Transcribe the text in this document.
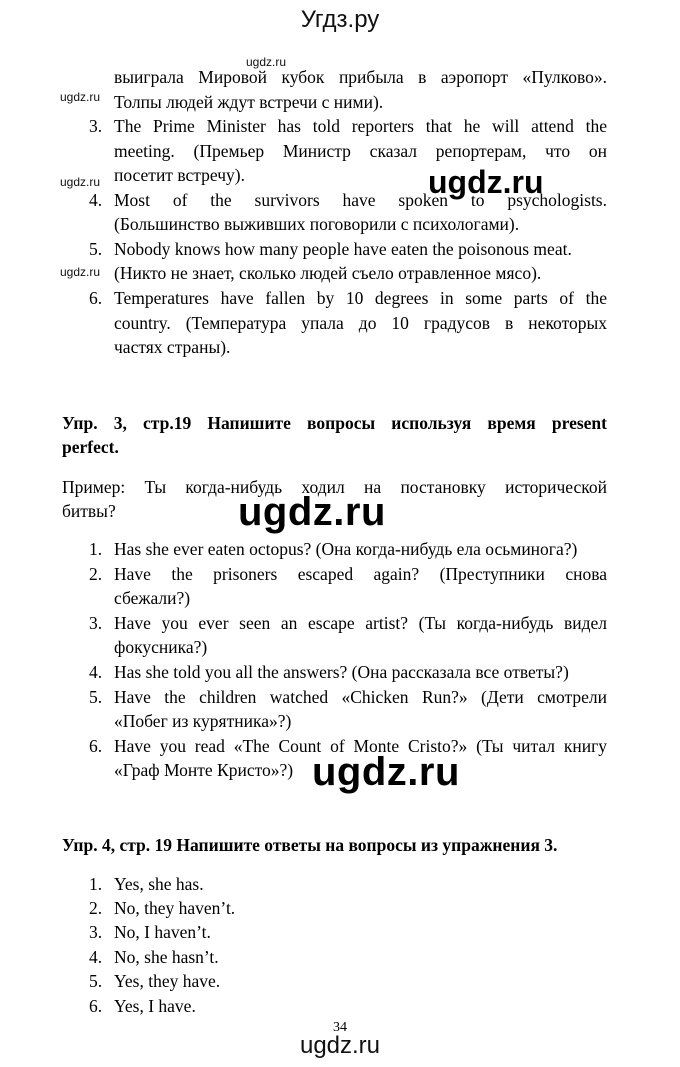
Угдз.ру
ugdz.ru
ugdz.ru
ugdz.ru
ugdz.ru
ugdz.ru
ugdz.ru
ugdz.ru
выиграла Мировой кубок прибыла в аэропорт «Пулково».
Толпы людей ждут встречи с ними).
3. The Prime Minister has told reporters that he will attend the
meeting. (Премьер Министр сказал репортерам, что он
посетит встречу).
4. Most of the survivors have spoken to psychologists.
(Большинство выживших поговорили с психологами).
5. Nobody knows how many people have eaten the poisonous meat.
(Никто не знает, сколько людей съело отравленное мясо).
6. Temperatures have fallen by 10 degrees in some parts of the
country. (Температура упала до 10 градусов в некоторых
частях страны).
Упр. 3, стр.19 Напишите вопросы используя время present
perfect.
Пример: Ты когда-нибудь ходил на постановку исторической
битвы?
1. Has she ever eaten octopus? (Она когда-нибудь ела осьминога?)
2. Have the prisoners escaped again? (Преступники снова
сбежали?)
3. Have you ever seen an escape artist? (Ты когда-нибудь видел
фокусника?)
4. Has she told you all the answers? (Она рассказала все ответы?)
5. Have the children watched «Chicken Run?» (Дети смотрели
«Побег из курятника»?)
6. Have you read «The Count of Monte Cristo?» (Ты читал книгу
«Граф Монте Кристо»?)
Упр. 4, стр. 19 Напишите ответы на вопросы из упражнения 3.
1. Yes, she has.
2. No, they haven’t.
3. No, I haven’t.
4. No, she hasn’t.
5. Yes, they have.
6. Yes, I have.
34
ugdz.ru
